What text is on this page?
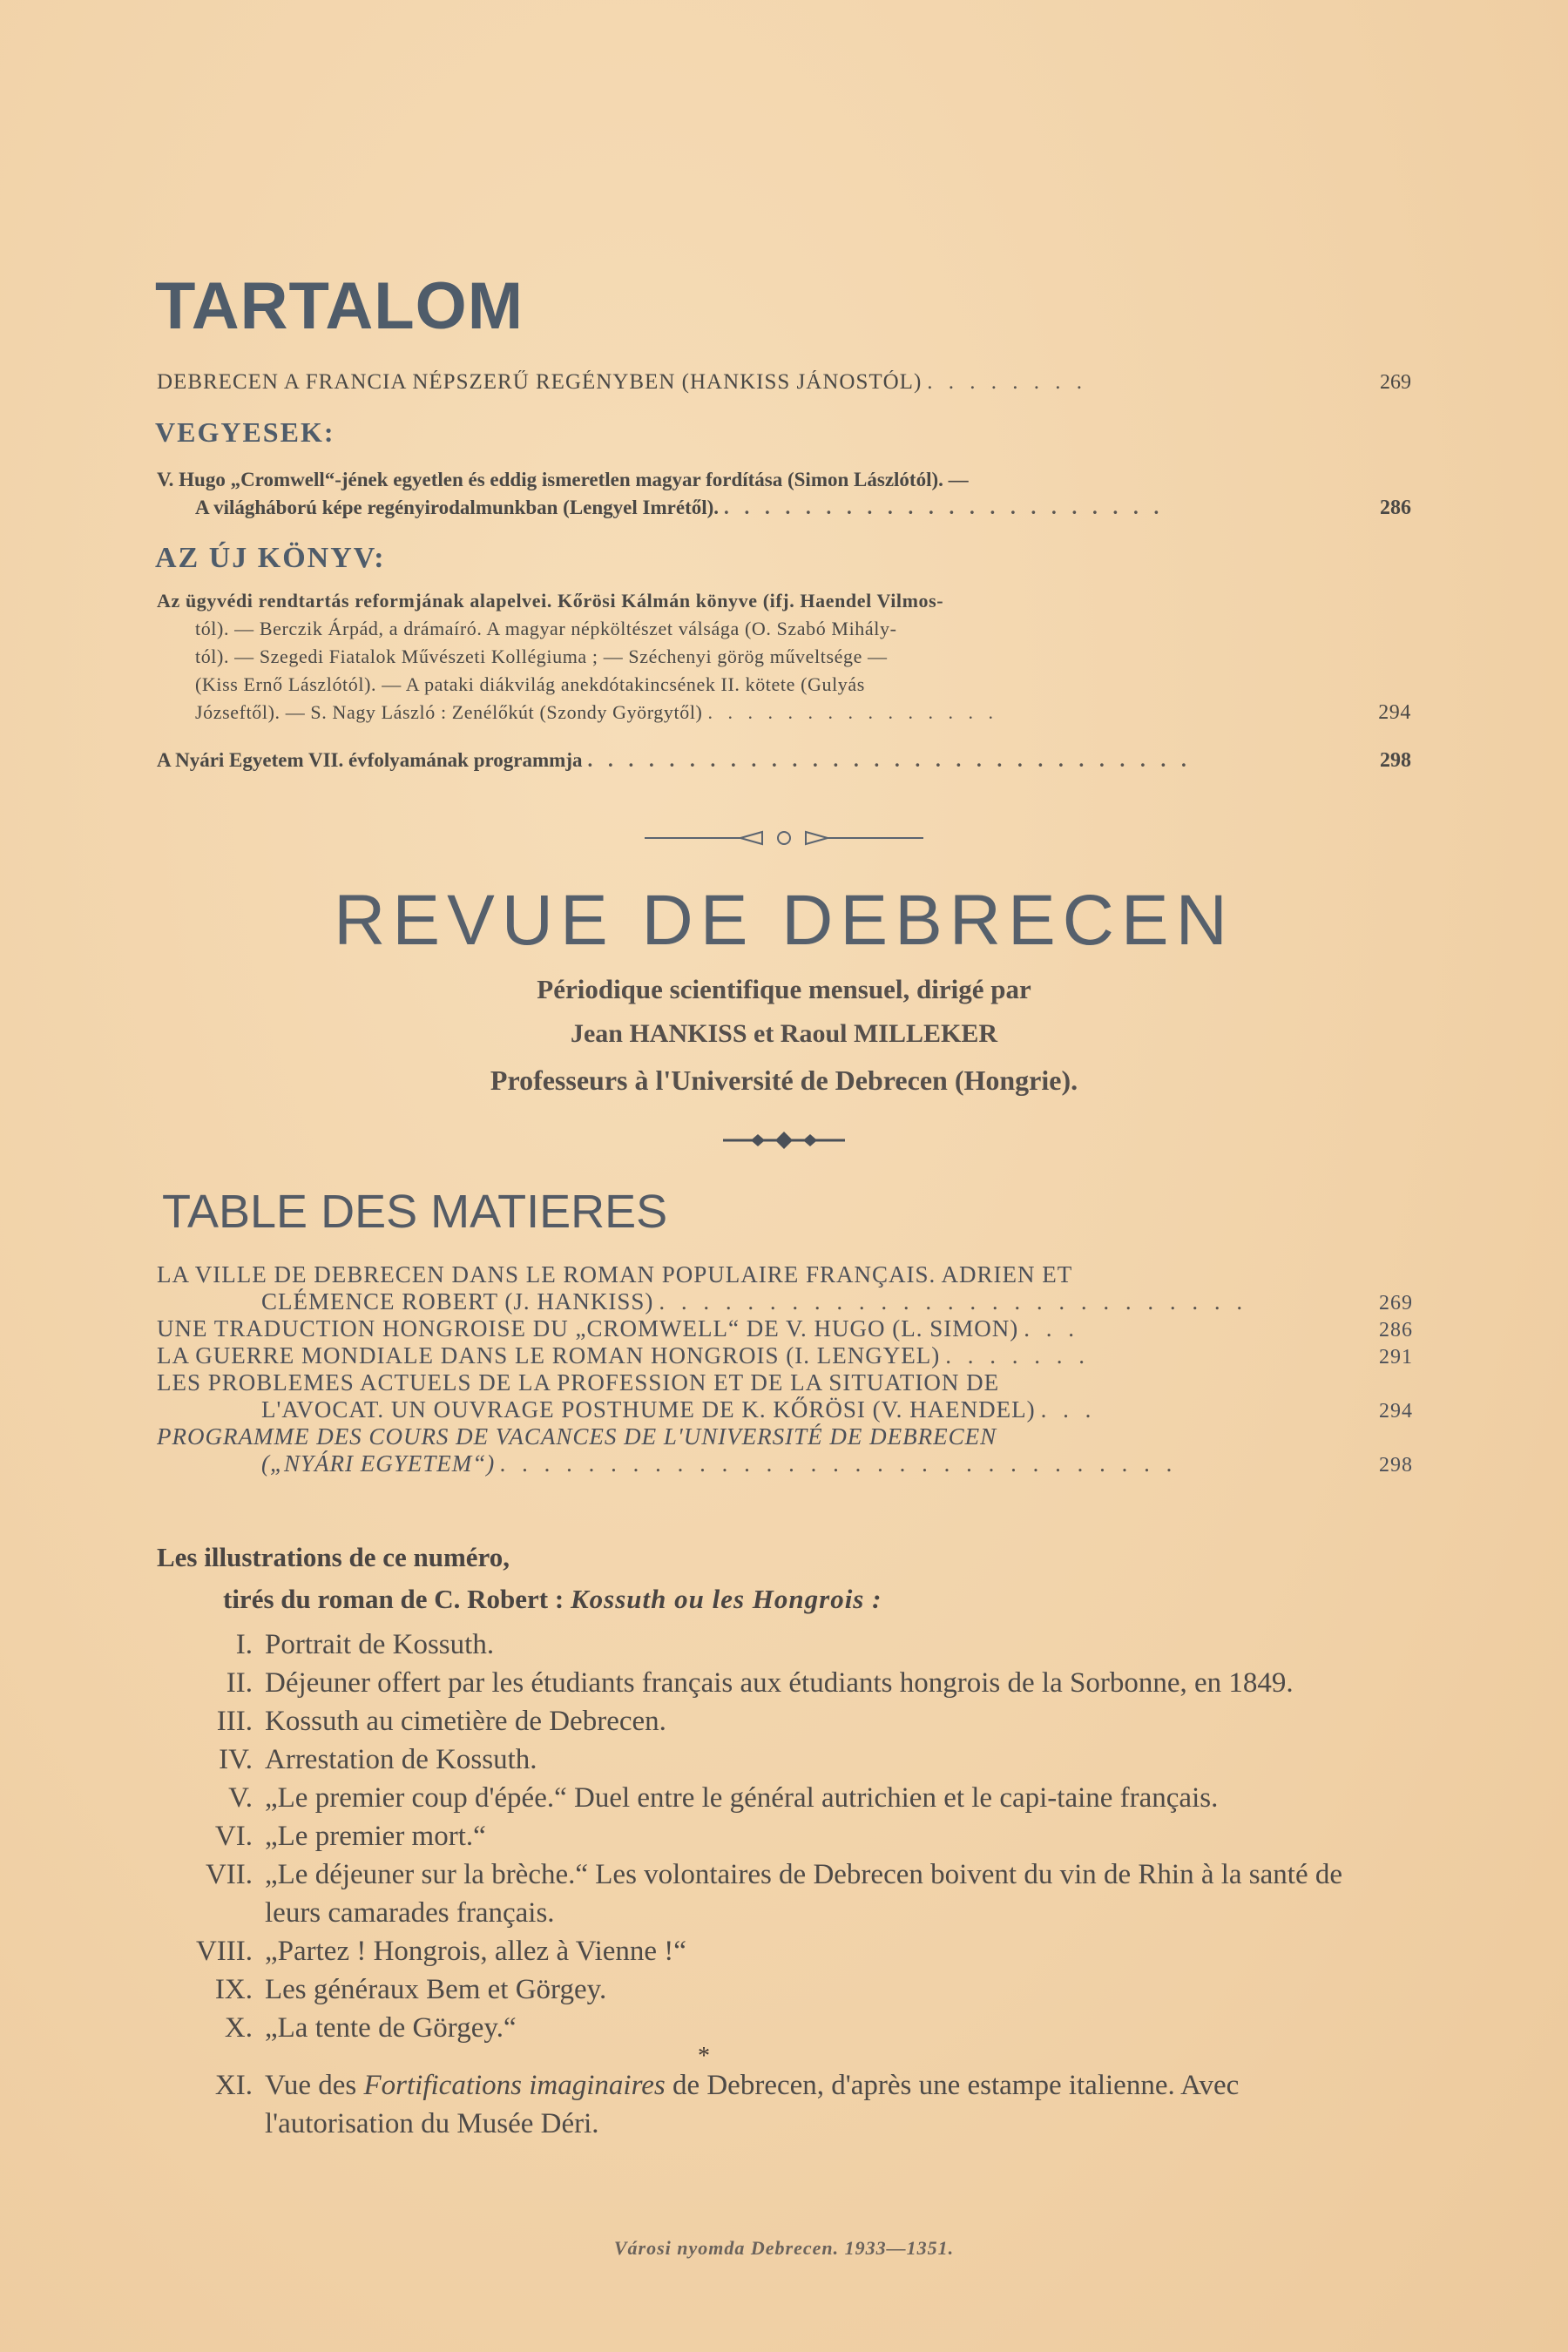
TARTALOM
DEBRECEN A FRANCIA NÉPSZERŰ REGÉNYBEN (HANKISS JÁNOSTÓL) . . . . . . . .	269
VEGYESEK:
V. Hugo „Cromwell“-jének egyetlen és eddig ismeretlen magyar fordítása (Simon Lászlótól). —
A világháború képe regényirodalmunkban (Lengyel Imrétől). . . . . . . . . . . . . . . . . . . . . . .	286
AZ ÚJ KÖNYV:
Az ügyvédi rendtartás reformjának alapelvei. Kőrösi Kálmán könyve (ifj. Haendel Vilmos-
tól). — Berczik Árpád, a drámaíró. A magyar népköltészet válsága (O. Szabó Mihály-
tól). — Szegedi Fiatalok Művészeti Kollégiuma ; — Széchenyi görög műveltsége —
(Kiss Ernő Lászlótól). — A pataki diákvilág anekdótakincsének II. kötete (Gulyás
Józseftől). — S. Nagy László : Zenélőkút (Szondy Györgytől) . . . . . . . . . . . . . . .	294
A Nyári Egyetem VII. évfolyamának programmja . . . . . . . . . . . . . . . . . . . . . . . . . . . . . .	298
REVUE DE DEBRECEN
Périodique scientifique mensuel, dirigé par
Jean HANKISS et Raoul MILLEKER
Professeurs à l'Université de Debrecen (Hongrie).
TABLE DES MATIERES
LA VILLE DE DEBRECEN DANS LE ROMAN POPULAIRE FRANÇAIS. ADRIEN ET
CLÉMENCE ROBERT (J. HANKISS) . . . . . . . . . . . . . . . . . . . . . . . . . . .	269
UNE TRADUCTION HONGROISE DU „CROMWELL“ DE V. HUGO (L. SIMON) . . .	286
LA GUERRE MONDIALE DANS LE ROMAN HONGROIS (I. LENGYEL) . . . . . . .	291
LES PROBLEMES ACTUELS DE LA PROFESSION ET DE LA SITUATION DE
L'AVOCAT. UN OUVRAGE POSTHUME DE K. KŐRÖSI (V. HAENDEL) . . .	294
PROGRAMME DES COURS DE VACANCES DE L'UNIVERSITÉ DE DEBRECEN
(„NYÁRI EGYETEM“) . . . . . . . . . . . . . . . . . . . . . . . . . . . . . . .	298
Les illustrations de ce numéro,
tirés du roman de C. Robert : Kossuth ou les Hongrois :
I. Portrait de Kossuth.
II. Déjeuner offert par les étudiants français aux étudiants hongrois de la Sorbonne, en 1849.
III. Kossuth au cimetière de Debrecen.
IV. Arrestation de Kossuth.
V. „Le premier coup d'épée.“ Duel entre le général autrichien et le capi-taine français.
VI. „Le premier mort.“
VII. „Le déjeuner sur la brèche.“ Les volontaires de Debrecen boivent du vin de Rhin à la santé de leurs camarades français.
VIII. „Partez ! Hongrois, allez à Vienne !“
IX. Les généraux Bem et Görgey.
X. „La tente de Görgey.“
*
XI. Vue des Fortifications imaginaires de Debrecen, d'après une estampe italienne. Avec l'autorisation du Musée Déri.
Városi nyomda Debrecen. 1933—1351.
